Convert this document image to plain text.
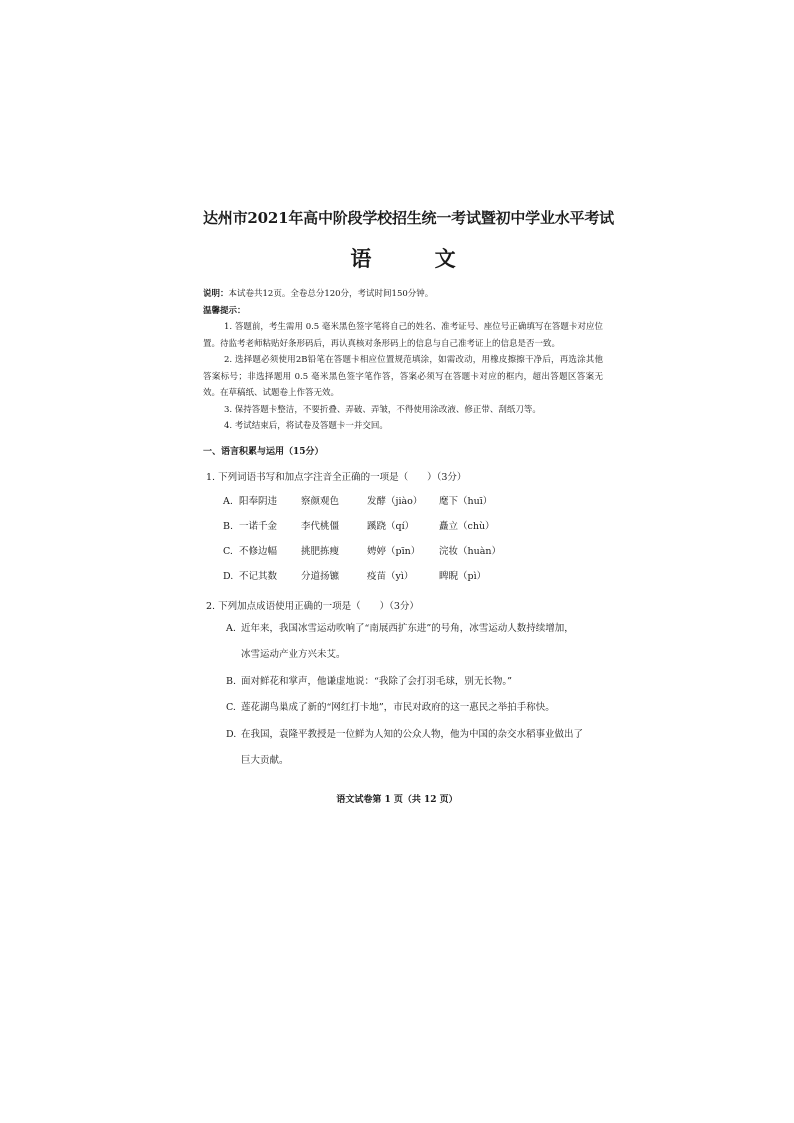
达州市2021年高中阶段学校招生统一考试暨初中学业水平考试
语 文

说明：本试卷共12页。全卷总分120分，考试时间150分钟。

温馨提示：

1. 答题前，考生需用 0.5 毫米黑色签字笔将自己的姓名、准考证号、座位号正确填写在答题卡对应位置。待监考老师粘贴好条形码后，再认真核对条形码上的信息与自己准考证上的信息是否一致。

2. 选择题必须使用2B铅笔在答题卡相应位置规范填涂，如需改动，用橡皮擦擦干净后，再选涂其他答案标号；非选择题用 0.5 毫米黑色签字笔作答，答案必须写在答题卡对应的框内，超出答题区答案无效。在草稿纸、试题卷上作答无效。

3. 保持答题卡整洁，不要折叠、弄破、弄皱，不得使用涂改液、修正带、刮纸刀等。

4. 考试结束后，将试卷及答题卡一并交回。

一、语言积累与运用（15分）
1. 下列词语书写和加点字注音全正确的一项是（　　）（3分）
A. 阳奉阴违	察颜观色	发酵（jiào）	麾下（huī）
B. 一诺千金	李代桃僵	蹊跷（qí）	矗立（chù）
C. 不修边幅	挑肥拣瘦	娉婷（pīn）	浣妆（huàn）
D. 不记其数	分道扬镳	疫苗（yì）	睥睨（pì）
2. 下列加点成语使用正确的一项是（　　）（3分）
A. 近年来，我国冰雪运动吹响了“南展西扩东进”的号角，冰雪运动人数持续增加，
冰雪运动产业方兴未艾。
B. 面对鲜花和掌声，他谦虚地说：“我除了会打羽毛球，别无长物。”
C. 莲花湖鸟巢成了新的“网红打卡地”，市民对政府的这一惠民之举拍手称快。
D. 在我国，袁隆平教授是一位鲜为人知的公众人物，他为中国的杂交水稻事业做出了
巨大贡献。
语文试卷第 1 页（共 12 页）
